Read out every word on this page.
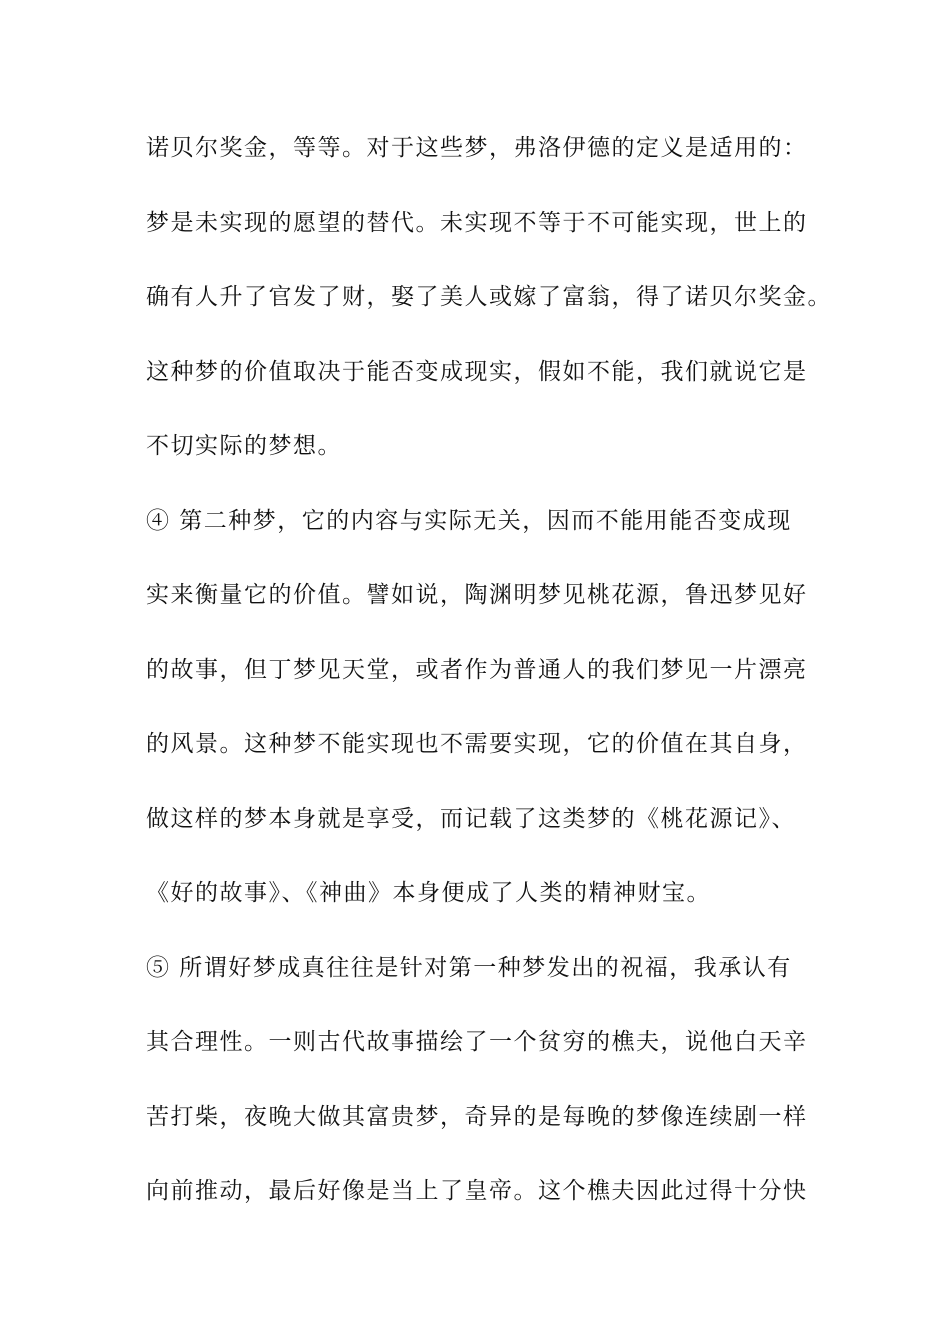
诺贝尔奖金，等等。对于这些梦，弗洛伊德的定义是适用的：
梦是未实现的愿望的替代。未实现不等于不可能实现，世上的
确有人升了官发了财，娶了美人或嫁了富翁，得了诺贝尔奖金。
这种梦的价值取决于能否变成现实，假如不能，我们就说它是
不切实际的梦想。
④ 第二种梦，它的内容与实际无关，因而不能用能否变成现
实来衡量它的价值。譬如说，陶渊明梦见桃花源，鲁迅梦见好
的故事，但丁梦见天堂，或者作为普通人的我们梦见一片漂亮
的风景。这种梦不能实现也不需要实现，它的价值在其自身，
做这样的梦本身就是享受，而记载了这类梦的《桃花源记》、
《好的故事》、《神曲》本身便成了人类的精神财宝。
⑤ 所谓好梦成真往往是针对第一种梦发出的祝福，我承认有
其合理性。一则古代故事描绘了一个贫穷的樵夫，说他白天辛
苦打柴，夜晚大做其富贵梦，奇异的是每晚的梦像连续剧一样
向前推动，最后好像是当上了皇帝。这个樵夫因此过得十分快
